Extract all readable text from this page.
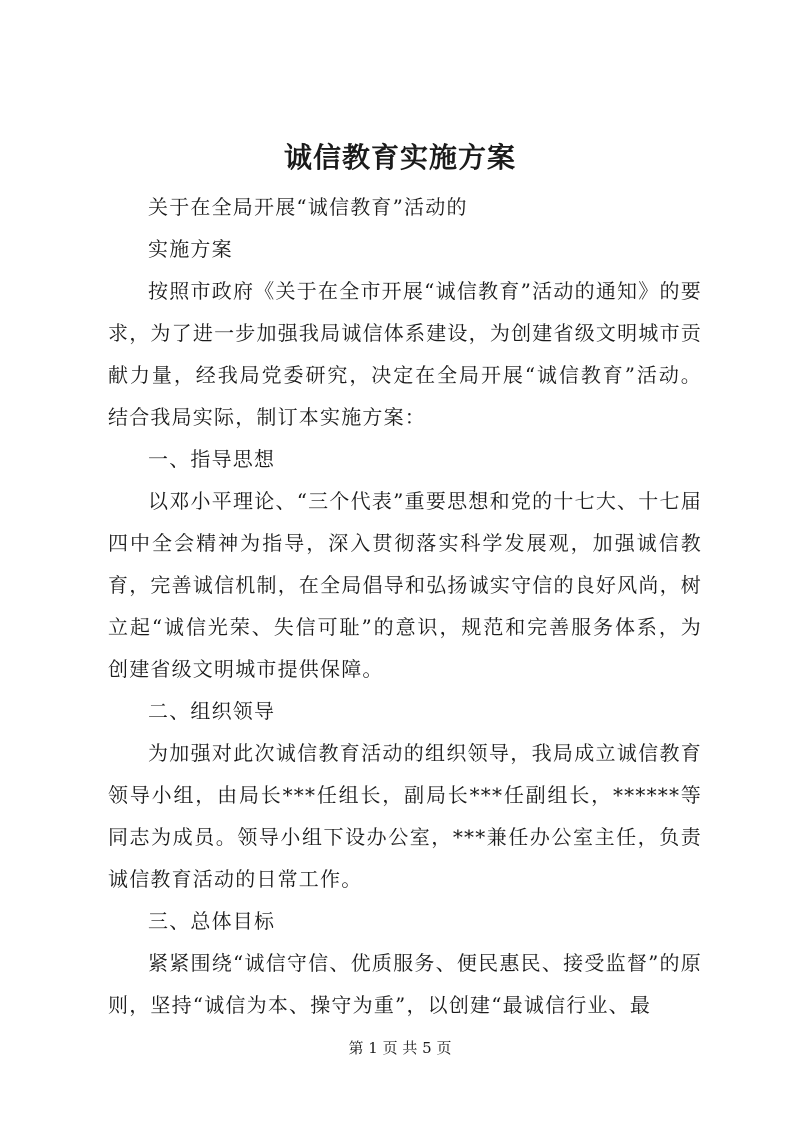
诚信教育实施方案

关于在全局开展“诚信教育”活动的

实施方案

按照市政府《关于在全市开展“诚信教育”活动的通知》的要求，为了进一步加强我局诚信体系建设，为创建省级文明城市贡献力量，经我局党委研究，决定在全局开展“诚信教育”活动。结合我局实际，制订本实施方案：

一、指导思想

以邓小平理论、“三个代表”重要思想和党的十七大、十七届四中全会精神为指导，深入贯彻落实科学发展观，加强诚信教育，完善诚信机制，在全局倡导和弘扬诚实守信的良好风尚，树立起“诚信光荣、失信可耻”的意识，规范和完善服务体系，为创建省级文明城市提供保障。

二、组织领导

为加强对此次诚信教育活动的组织领导，我局成立诚信教育领导小组，由局长***任组长，副局长***任副组长，******等同志为成员。领导小组下设办公室，***兼任办公室主任，负责诚信教育活动的日常工作。

三、总体目标

紧紧围绕“诚信守信、优质服务、便民惠民、接受监督”的原则，坚持“诚信为本、操守为重”，以创建“最诚信行业、最

第 1 页 共 5 页
